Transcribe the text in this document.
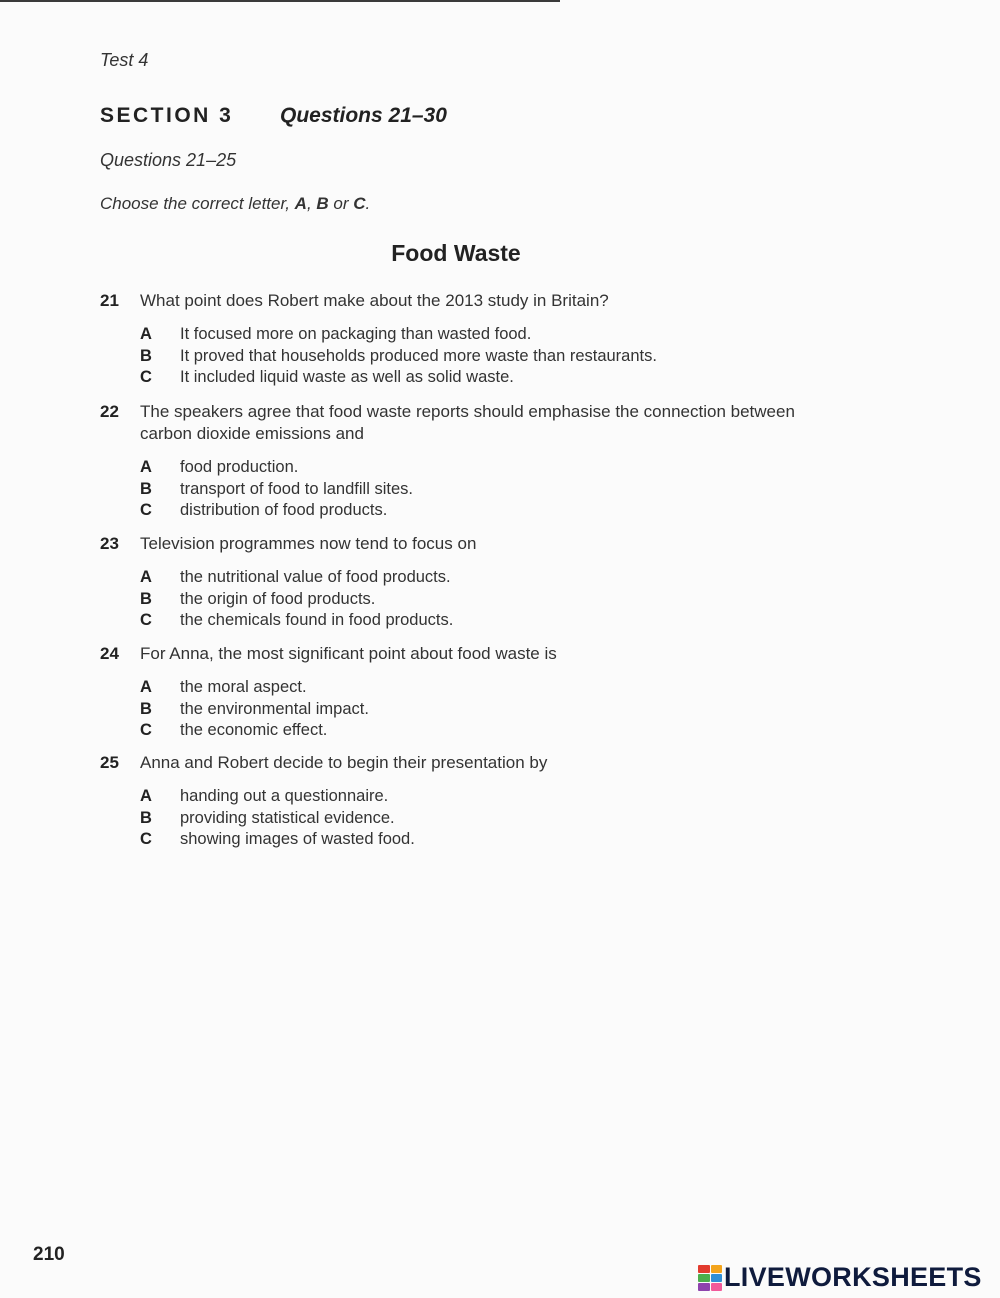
Test 4
SECTION 3 Questions 21–30
Questions 21–25
Choose the correct letter, A, B or C.
Food Waste
21	What point does Robert make about the 2013 study in Britain?
A	It focused more on packaging than wasted food.
B	It proved that households produced more waste than restaurants.
C	It included liquid waste as well as solid waste.
22	The speakers agree that food waste reports should emphasise the connection between carbon dioxide emissions and
A	food production.
B	transport of food to landfill sites.
C	distribution of food products.
23	Television programmes now tend to focus on
A	the nutritional value of food products.
B	the origin of food products.
C	the chemicals found in food products.
24	For Anna, the most significant point about food waste is
A	the moral aspect.
B	the environmental impact.
C	the economic effect.
25	Anna and Robert decide to begin their presentation by
A	handing out a questionnaire.
B	providing statistical evidence.
C	showing images of wasted food.
210
LIVEWORKSHEETS
